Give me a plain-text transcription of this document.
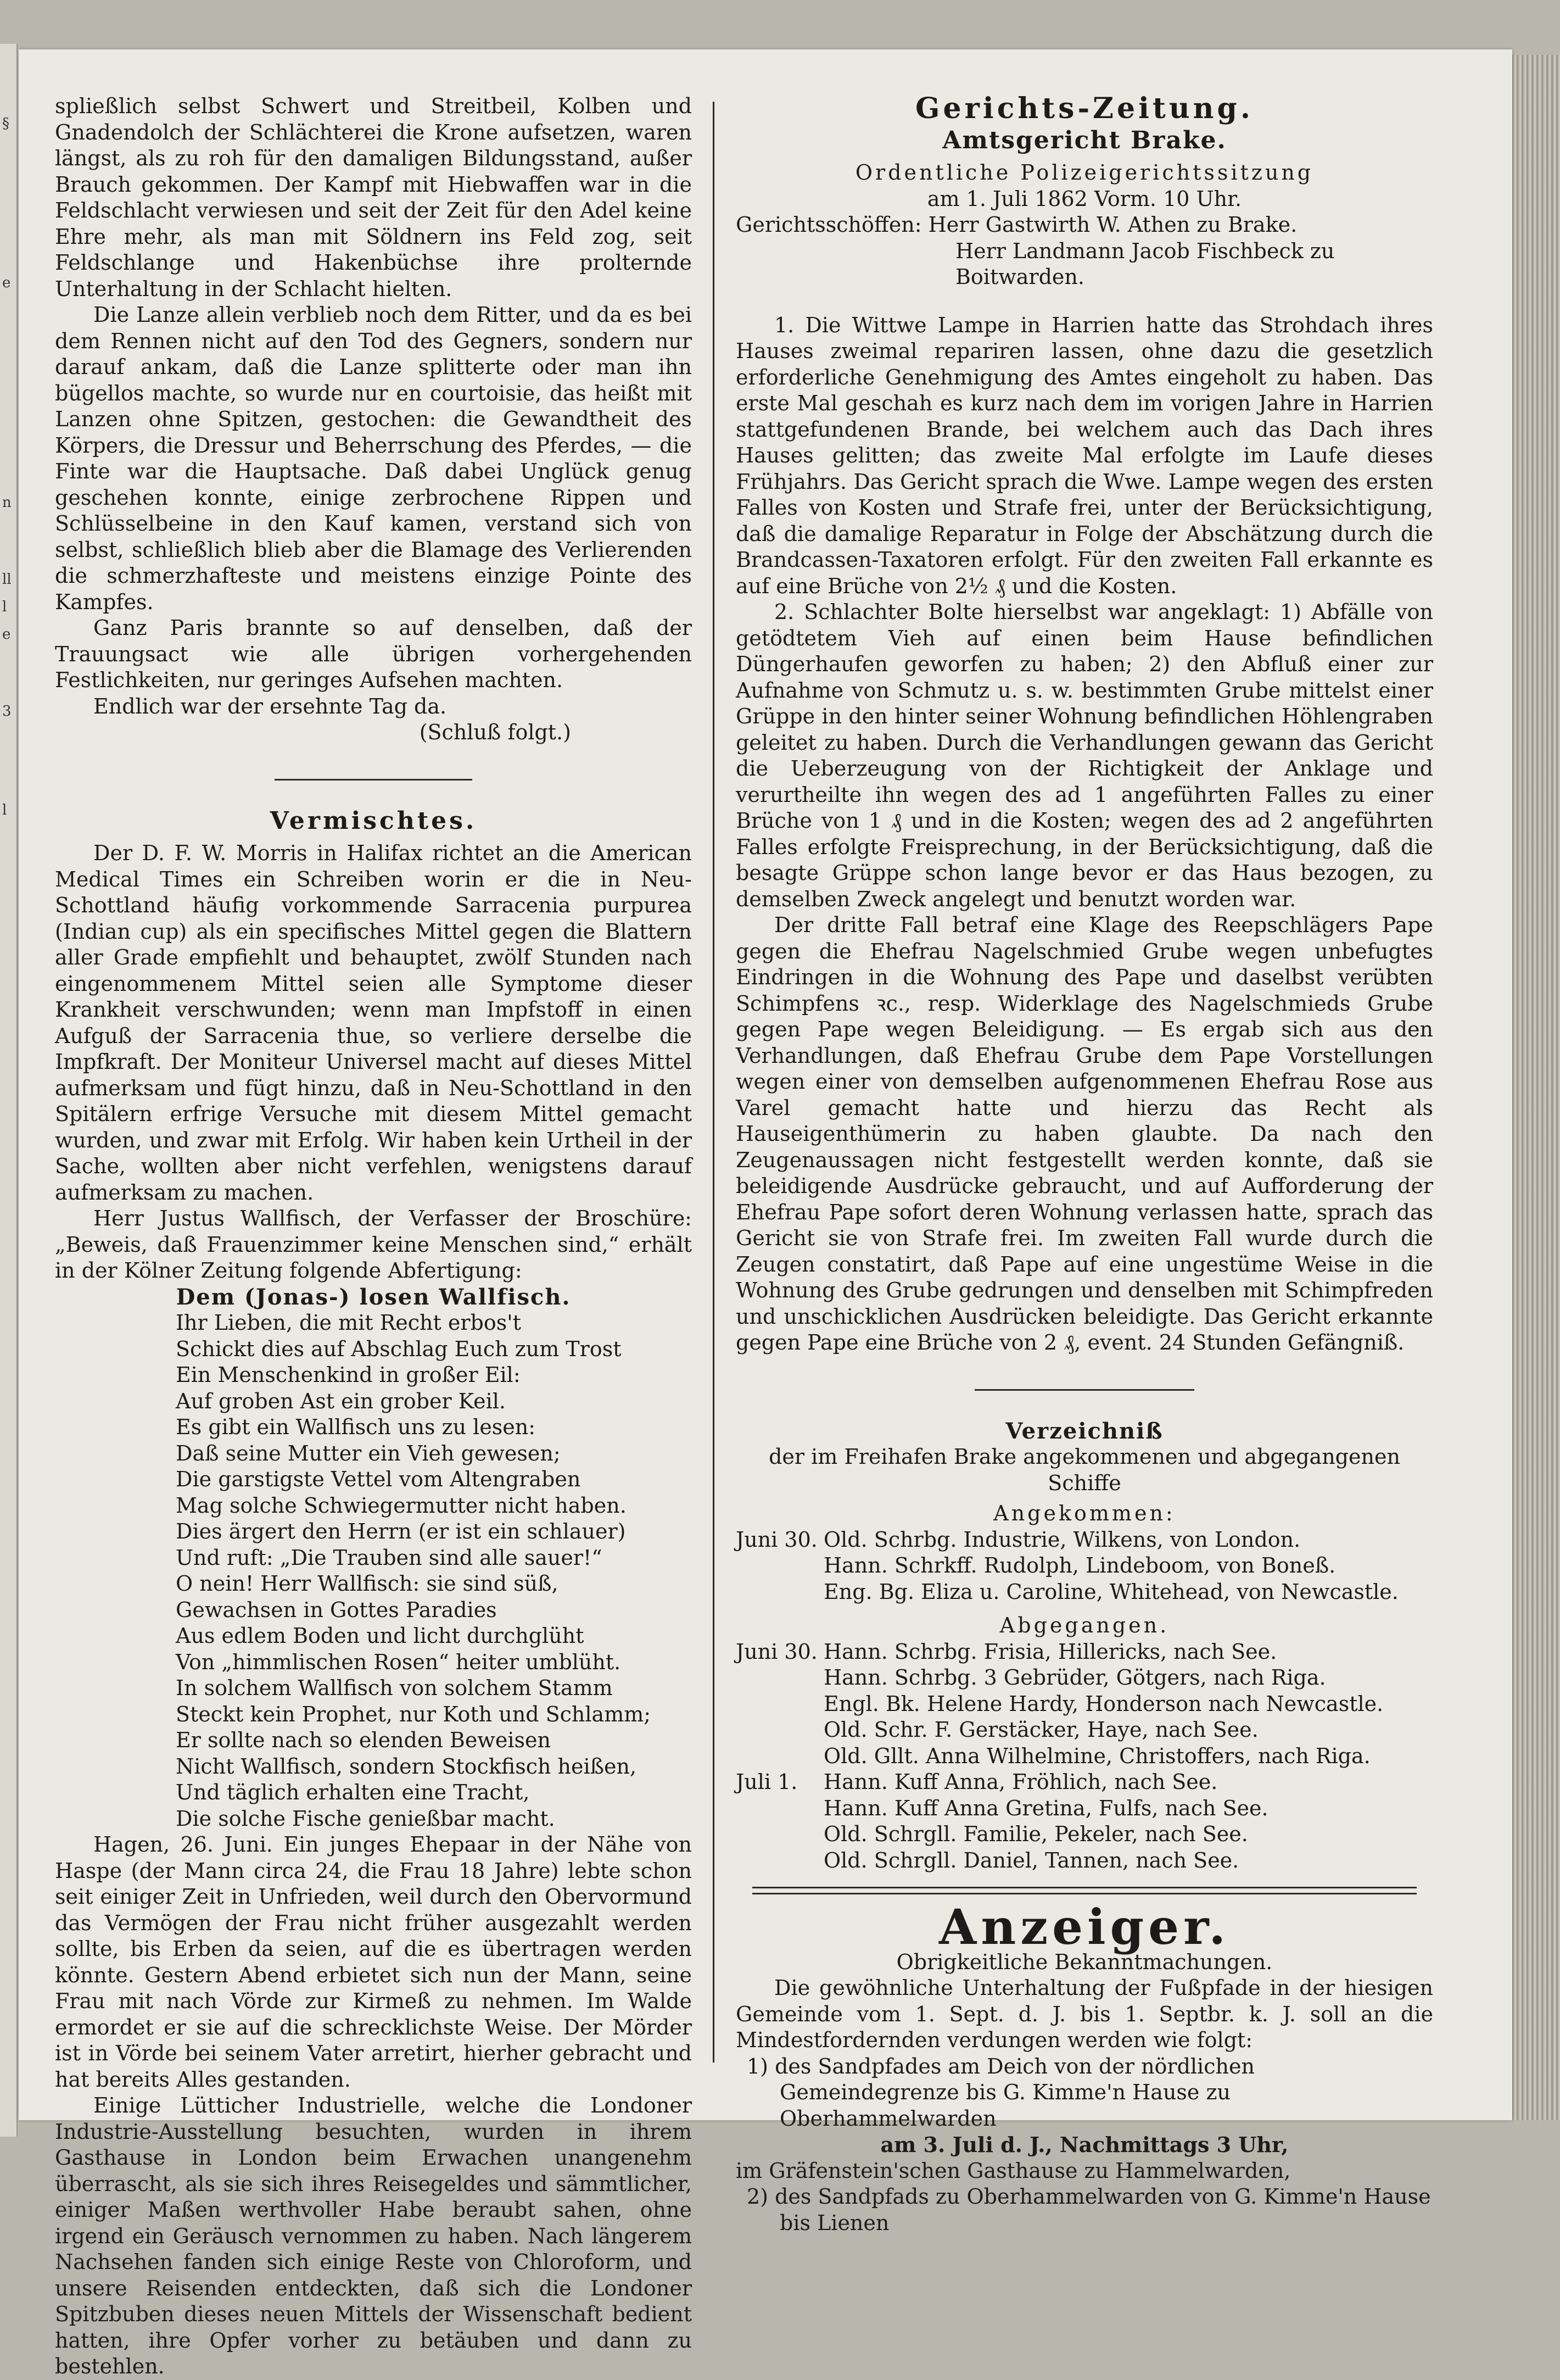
§
e
n
ll
l
e
3
l

spließlich selbst Schwert und Streitbeil, Kolben und Gnadendolch der Schlächterei die Krone aufsetzen, waren längst, als zu roh für den damaligen Bildungsstand, außer Brauch gekommen. Der Kampf mit Hiebwaffen war in die Feldschlacht verwiesen und seit der Zeit für den Adel keine Ehre mehr, als man mit Söldnern ins Feld zog, seit Feldschlange und Hakenbüchse ihre prolternde Unterhaltung in der Schlacht hielten.

Die Lanze allein verblieb noch dem Ritter, und da es bei dem Rennen nicht auf den Tod des Gegners, sondern nur darauf ankam, daß die Lanze splitterte oder man ihn bügellos machte, so wurde nur en courtoisie, das heißt mit Lanzen ohne Spitzen, gestochen: die Gewandtheit des Körpers, die Dressur und Beherrschung des Pferdes, — die Finte war die Hauptsache. Daß dabei Unglück genug geschehen konnte, einige zerbrochene Rippen und Schlüsselbeine in den Kauf kamen, verstand sich von selbst, schließlich blieb aber die Blamage des Verlierenden die schmerzhafteste und meistens einzige Pointe des Kampfes.

Ganz Paris brannte so auf denselben, daß der Trauungsact wie alle übrigen vorhergehenden Festlichkeiten, nur geringes Aufsehen machten.

Endlich war der ersehnte Tag da.

(Schluß folgt.)

Vermischtes.

Der D. F. W. Morris in Halifax richtet an die American Medical Times ein Schreiben worin er die in Neu-Schottland häufig vorkommende Sarracenia purpurea (Indian cup) als ein specifisches Mittel gegen die Blattern aller Grade empfiehlt und behauptet, zwölf Stunden nach eingenommenem Mittel seien alle Symptome dieser Krankheit verschwunden; wenn man Impfstoff in einen Aufguß der Sarracenia thue, so verliere derselbe die Impfkraft. Der Moniteur Universel macht auf dieses Mittel aufmerksam und fügt hinzu, daß in Neu-Schottland in den Spitälern erfrige Versuche mit diesem Mittel gemacht wurden, und zwar mit Erfolg. Wir haben kein Urtheil in der Sache, wollten aber nicht verfehlen, wenigstens darauf aufmerksam zu machen.

Herr Justus Wallfisch, der Verfasser der Broschüre: „Beweis, daß Frauenzimmer keine Menschen sind,“ erhält in der Kölner Zeitung folgende Abfertigung:

Dem (Jonas-) losen Wallfisch.

Ihr Lieben, die mit Recht erbos't

Schickt dies auf Abschlag Euch zum Trost

Ein Menschenkind in großer Eil:

Auf groben Ast ein grober Keil.

Es gibt ein Wallfisch uns zu lesen:

Daß seine Mutter ein Vieh gewesen;

Die garstigste Vettel vom Altengraben

Mag solche Schwiegermutter nicht haben.

Dies ärgert den Herrn (er ist ein schlauer)

Und ruft: „Die Trauben sind alle sauer!“

O nein! Herr Wallfisch: sie sind süß,

Gewachsen in Gottes Paradies

Aus edlem Boden und licht durchglüht

Von „himmlischen Rosen“ heiter umblüht.

In solchem Wallfisch von solchem Stamm

Steckt kein Prophet, nur Koth und Schlamm;

Er sollte nach so elenden Beweisen

Nicht Wallfisch, sondern Stockfisch heißen,

Und täglich erhalten eine Tracht,

Die solche Fische genießbar macht.

Hagen, 26. Juni. Ein junges Ehepaar in der Nähe von Haspe (der Mann circa 24, die Frau 18 Jahre) lebte schon seit einiger Zeit in Unfrieden, weil durch den Obervormund das Vermögen der Frau nicht früher ausgezahlt werden sollte, bis Erben da seien, auf die es übertragen werden könnte. Gestern Abend erbietet sich nun der Mann, seine Frau mit nach Vörde zur Kirmeß zu nehmen. Im Walde ermordet er sie auf die schrecklichste Weise. Der Mörder ist in Vörde bei seinem Vater arretirt, hierher gebracht und hat bereits Alles gestanden.

Einige Lütticher Industrielle, welche die Londoner Industrie-Ausstellung besuchten, wurden in ihrem Gasthause in London beim Erwachen unangenehm überrascht, als sie sich ihres Reisegeldes und sämmtlicher, einiger Maßen werthvoller Habe beraubt sahen, ohne irgend ein Geräusch vernommen zu haben. Nach längerem Nachsehen fanden sich einige Reste von Chloroform, und unsere Reisenden entdeckten, daß sich die Londoner Spitzbuben dieses neuen Mittels der Wissenschaft bedient hatten, ihre Opfer vorher zu betäuben und dann zu bestehlen.

Gerichts-Zeitung.

Amtsgericht Brake.

Ordentliche Polizeigerichtssitzung

am 1. Juli 1862 Vorm. 10 Uhr.

Gerichtsschöffen: Herr Gastwirth W. Athen zu Brake.

Herr Landmann Jacob Fischbeck zu Boitwarden.

1. Die Wittwe Lampe in Harrien hatte das Strohdach ihres Hauses zweimal repariren lassen, ohne dazu die gesetzlich erforderliche Genehmigung des Amtes eingeholt zu haben. Das erste Mal geschah es kurz nach dem im vorigen Jahre in Harrien stattgefundenen Brande, bei welchem auch das Dach ihres Hauses gelitten; das zweite Mal erfolgte im Laufe dieses Frühjahrs. Das Gericht sprach die Wwe. Lampe wegen des ersten Falles von Kosten und Strafe frei, unter der Berücksichtigung, daß die damalige Reparatur in Folge der Abschätzung durch die Brandcassen-Taxatoren erfolgt. Für den zweiten Fall erkannte es auf eine Brüche von 2½ ₰ und die Kosten.

2. Schlachter Bolte hierselbst war angeklagt: 1) Abfälle von getödtetem Vieh auf einen beim Hause befindlichen Düngerhaufen geworfen zu haben; 2) den Abfluß einer zur Aufnahme von Schmutz u. s. w. bestimmten Grube mittelst einer Grüppe in den hinter seiner Wohnung befindlichen Höhlengraben geleitet zu haben. Durch die Verhandlungen gewann das Gericht die Ueberzeugung von der Richtigkeit der Anklage und verurtheilte ihn wegen des ad 1 angeführten Falles zu einer Brüche von 1 ₰ und in die Kosten; wegen des ad 2 angeführten Falles erfolgte Freisprechung, in der Berücksichtigung, daß die besagte Grüppe schon lange bevor er das Haus bezogen, zu demselben Zweck angelegt und benutzt worden war.

Der dritte Fall betraf eine Klage des Reepschlägers Pape gegen die Ehefrau Nagelschmied Grube wegen unbefugtes Eindringen in die Wohnung des Pape und daselbst verübten Schimpfens ꝛc., resp. Widerklage des Nagelschmieds Grube gegen Pape wegen Beleidigung. — Es ergab sich aus den Verhandlungen, daß Ehefrau Grube dem Pape Vorstellungen wegen einer von demselben aufgenommenen Ehefrau Rose aus Varel gemacht hatte und hierzu das Recht als Hauseigenthümerin zu haben glaubte. Da nach den Zeugenaussagen nicht festgestellt werden konnte, daß sie beleidigende Ausdrücke gebraucht, und auf Aufforderung der Ehefrau Pape sofort deren Wohnung verlassen hatte, sprach das Gericht sie von Strafe frei. Im zweiten Fall wurde durch die Zeugen constatirt, daß Pape auf eine ungestüme Weise in die Wohnung des Grube gedrungen und denselben mit Schimpfreden und unschicklichen Ausdrücken beleidigte. Das Gericht erkannte gegen Pape eine Brüche von 2 ₰, event. 24 Stunden Gefängniß.

Verzeichniß

der im Freihafen Brake angekommenen und abgegangenen Schiffe

Angekommen:

Juni 30. Old. Schrbg. Industrie, Wilkens, von London.
Hann. Schrkff. Rudolph, Lindeboom, von Boneß.
Eng. Bg. Eliza u. Caroline, Whitehead, von Newcastle.

Abgegangen.

Juni 30. Hann. Schrbg. Frisia, Hillericks, nach See.
Hann. Schrbg. 3 Gebrüder, Götgers, nach Riga.
Engl. Bk. Helene Hardy, Honderson nach Newcastle.
Old. Schr. F. Gerstäcker, Haye, nach See.
Old. Gllt. Anna Wilhelmine, Christoffers, nach Riga.
Juli 1.	Hann. Kuff Anna, Fröhlich, nach See.
Hann. Kuff Anna Gretina, Fulfs, nach See.
Old. Schrgll. Familie, Pekeler, nach See.
Old. Schrgll. Daniel, Tannen, nach See.

Anzeiger.

Obrigkeitliche Bekanntmachungen.

Die gewöhnliche Unterhaltung der Fußpfade in der hiesigen Gemeinde vom 1. Sept. d. J. bis 1. Septbr. k. J. soll an die Mindestfordernden verdungen werden wie folgt:

1) des Sandpfades am Deich von der nördlichen Gemeindegrenze bis G. Kimme'n Hause zu Oberhammelwarden

am 3. Juli d. J., Nachmittags 3 Uhr,

im Gräfenstein'schen Gasthause zu Hammelwarden,

2) des Sandpfads zu Oberhammelwarden von G. Kimme'n Hause bis Lienen
